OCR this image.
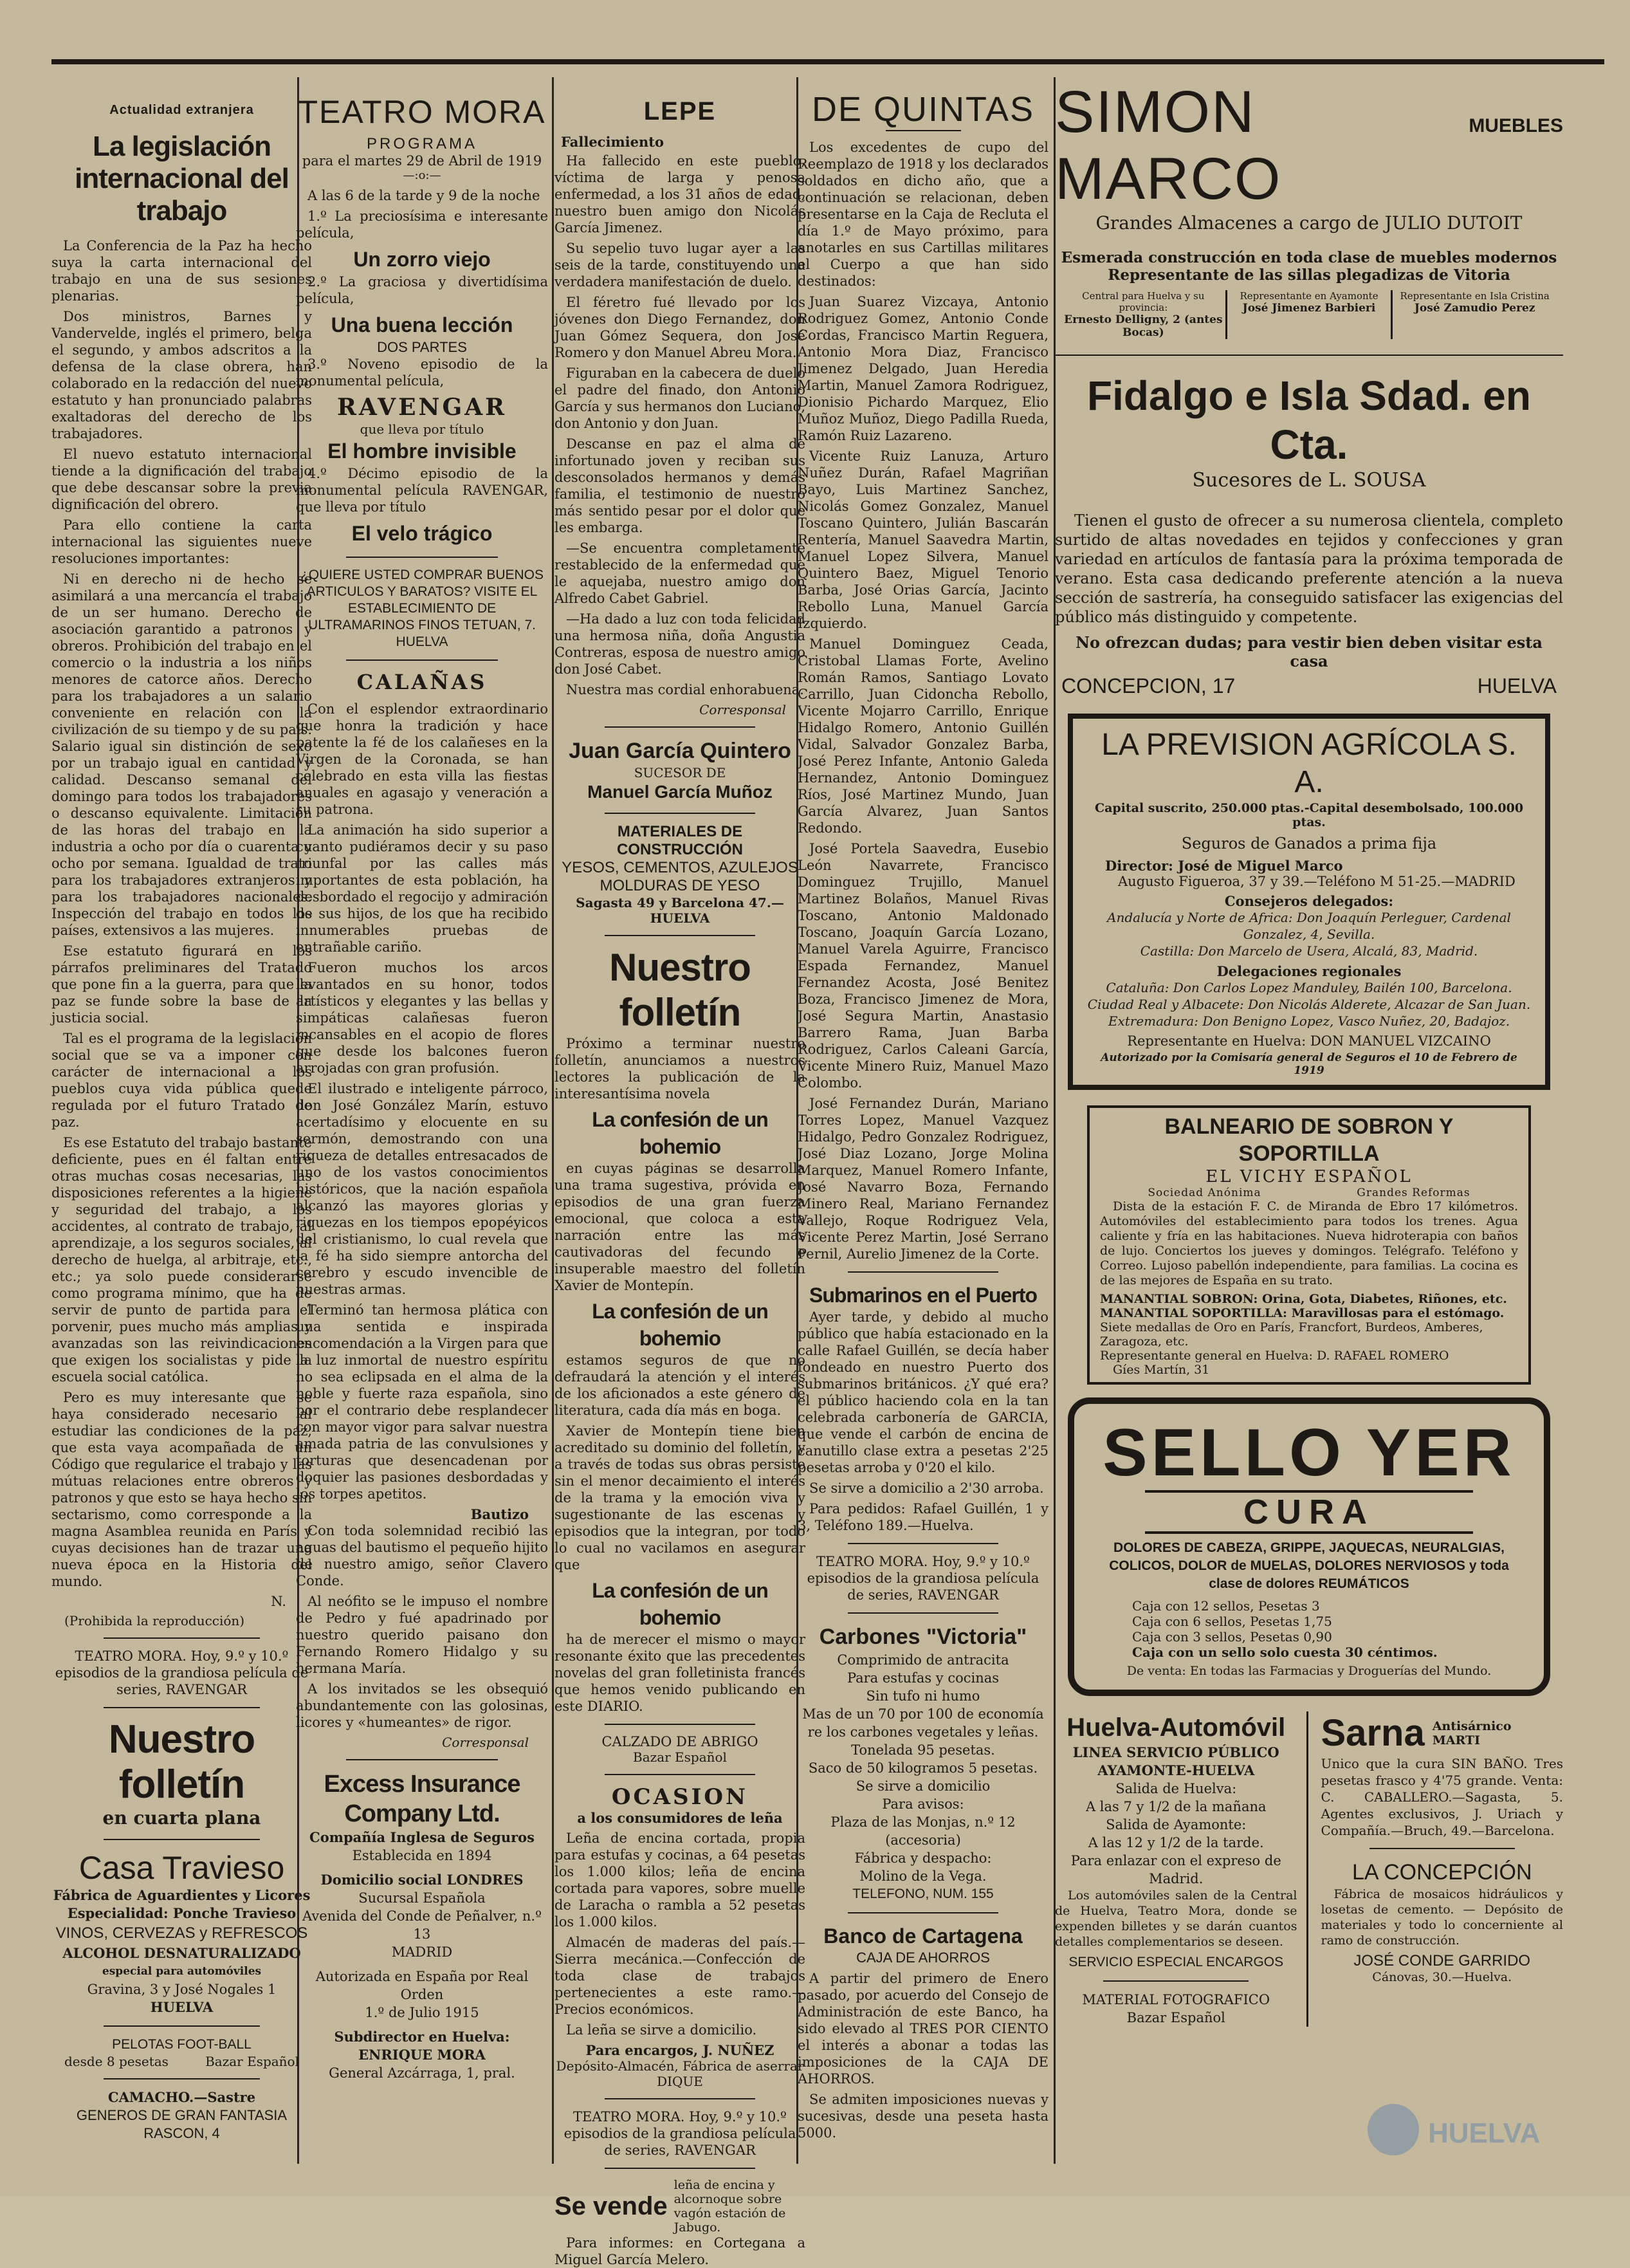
Actualidad extranjera
La legislación internacional del trabajo

La Conferencia de la Paz ha hecho suya la carta internacional del trabajo en una de sus sesiones plenarias.

Dos ministros, Barnes y Vandervelde, inglés el primero, belga el segundo, y ambos adscritos a la defensa de la clase obrera, han colaborado en la redacción del nuevo estatuto y han pronunciado palabras exaltadoras del derecho de los trabajadores.

El nuevo estatuto internacional tiende a la dignificación del trabajo que debe descansar sobre la previa dignificación del obrero.

Para ello contiene la carta internacional las siguientes nueve resoluciones importantes:

Ni en derecho ni de hecho se asimilará a una mercancía el trabajo de un ser humano. Derecho de asociación garantido a patronos y obreros. Prohibición del trabajo en el comercio o la industria a los niños menores de catorce años. Derecho para los trabajadores a un salario conveniente en relación con la civilización de su tiempo y de su país. Salario igual sin distinción de sexo por un trabajo igual en cantidad y calidad. Descanso semanal del domingo para todos los trabajadores o descanso equivalente. Limitación de las horas del trabajo en la industria a ocho por día o cuarenta y ocho por semana. Igualdad de trato para los trabajadores extranjeros y para los trabajadores nacionales. Inspección del trabajo en todos los países, extensivos a las mujeres.

Ese estatuto figurará en los párrafos preliminares del Tratado que pone fin a la guerra, para que la paz se funde sobre la base de la justicia social.

Tal es el programa de la legislación social que se va a imponer con carácter de internacional a los pueblos cuya vida pública quede regulada por el futuro Tratado de paz.

Es ese Estatuto del trabajo bastante deficiente, pues en él faltan entre otras muchas cosas necesarias, las disposiciones referentes a la higiene y seguridad del trabajo, a los accidentes, al contrato de trabajo, al aprendizaje, a los seguros sociales, al derecho de huelga, al arbitraje, etc., etc.; ya solo puede considerarse como programa mínimo, que ha de servir de punto de partida para el porvenir, pues mucho más amplias y avanzadas son las reivindicaciones que exigen los socialistas y pide la escuela social católica.

Pero es muy interesante que se haya considerado necesario al estudiar las condiciones de la paz, que esta vaya acompañada de un Código que regularice el trabajo y las mútuas relaciones entre obreros y patronos y que esto se haya hecho sin sectarismo, como corresponde a la magna Asamblea reunida en París y cuyas decisiones han de trazar una nueva época en la Historia del mundo.

N.
(Prohibida la reproducción)
TEATRO MORA. Hoy, 9.º y 10.º episodios de la grandiosa película de series, RAVENGAR
Nuestro folletín
en cuarta plana
Casa Travieso
Fábrica de Aguardientes y Licores
Especialidad: Ponche Travieso
VINOS, CERVEZAS y REFRESCOS
ALCOHOL DESNATURALIZADO
especial para automóviles
Gravina, 3 y José Nogales 1
HUELVA
PELOTAS FOOT-BALL
desde 8 pesetas	Bazar Español
CAMACHO.—Sastre
GENEROS DE GRAN FANTASIA
RASCON, 4
TEATRO MORA
PROGRAMA
para el martes 29 de Abril de 1919
—:o:—

A las 6 de la tarde y 9 de la noche

1.º La preciosísima e interesante película,

Un zorro viejo

2.º La graciosa y divertidísima película,

Una buena lección
DOS PARTES

3.º Noveno episodio de la monumental película,

RAVENGAR
que lleva por título
El hombre invisible

4.º Décimo episodio de la monumental película RAVENGAR, que lleva por título

El velo trágico
¿QUIERE USTED COMPRAR BUENOS ARTICULOS Y BARATOS? VISITE EL ESTABLECIMIENTO DE ULTRAMARINOS FINOS TETUAN, 7. HUELVA
CALAÑAS

Con el esplendor extraordinario que honra la tradición y hace patente la fé de los calañeses en la Virgen de la Coronada, se han celebrado en esta villa las fiestas anuales en agasajo y veneración a su patrona.

La animación ha sido superior a cuanto pudiéramos decir y su paso triunfal por las calles más importantes de esta población, ha desbordado el regocijo y admiración de sus hijos, de los que ha recibido innumerables pruebas de entrañable cariño.

Fueron muchos los arcos levantados en su honor, todos artísticos y elegantes y las bellas y simpáticas calañesas fueron incansables en el acopio de flores que desde los balcones fueron arrojadas con gran profusión.

El ilustrado e inteligente párroco, don José González Marín, estuvo acertadísimo y elocuente en su sermón, demostrando con una riqueza de detalles entresacados de uno de los vastos conocimientos históricos, que la nación española alcanzó las mayores glorias y riquezas en los tiempos epopéyicos del cristianismo, lo cual revela que la fé ha sido siempre antorcha del cerebro y escudo invencible de nuestras armas.

Terminó tan hermosa plática con una sentida e inspirada encomendación a la Virgen para que la luz inmortal de nuestro espíritu no sea eclipsada en el alma de la noble y fuerte raza española, sino por el contrario debe resplandecer con mayor vigor para salvar nuestra amada patria de las convulsiones y torturas que desencadenan por doquier las pasiones desbordadas y los torpes apetitos.

Bautizo

Con toda solemnidad recibió las aguas del bautismo el pequeño hijito de nuestro amigo, señor Clavero Conde.

Al neófito se le impuso el nombre de Pedro y fué apadrinado por nuestro querido paisano don Fernando Romero Hidalgo y su hermana María.

A los invitados se les obsequió abundantemente con las golosinas, licores y «humeantes» de rigor.

Corresponsal
Excess Insurance Company Ltd.
Compañía Inglesa de Seguros
Establecida en 1894
Domicilio social LONDRES
Sucursal Española
Avenida del Conde de Peñalver, n.º 13
MADRID
Autorizada en España por Real Orden
1.º de Julio 1915
Subdirector en Huelva:
ENRIQUE MORA
General Azcárraga, 1, pral.
LEPE
Fallecimiento

Ha fallecido en este pueblo, víctima de larga y penosa enfermedad, a los 31 años de edad, nuestro buen amigo don Nicolás García Jimenez.

Su sepelio tuvo lugar ayer a las seis de la tarde, constituyendo una verdadera manifestación de duelo.

El féretro fué llevado por los jóvenes don Diego Fernandez, don Juan Gómez Sequera, don José Romero y don Manuel Abreu Mora.

Figuraban en la cabecera de duelo el padre del finado, don Antonio García y sus hermanos don Luciano, don Antonio y don Juan.

Descanse en paz el alma de infortunado joven y reciban sus desconsolados hermanos y demás familia, el testimonio de nuestro más sentido pesar por el dolor que les embarga.

—Se encuentra completamente restablecido de la enfermedad que le aquejaba, nuestro amigo don Alfredo Cabet Gabriel.

—Ha dado a luz con toda felicidad una hermosa niña, doña Angustia Contreras, esposa de nuestro amigo don José Cabet.

Nuestra mas cordial enhorabuena.

Corresponsal
Juan García Quintero
SUCESOR DE
Manuel García Muñoz
MATERIALES DE CONSTRUCCIÓN
YESOS, CEMENTOS, AZULEJOS
MOLDURAS DE YESO
Sagasta 49 y Barcelona 47.—HUELVA
Nuestro folletín

Próximo a terminar nuestro folletín, anunciamos a nuestros lectores la publicación de la interesantísima novela

La confesión de un bohemio

en cuyas páginas se desarrolla una trama sugestiva, próvida en episodios de una gran fuerza emocional, que coloca a esta narración entre las más cautivadoras del fecundo e insuperable maestro del folletín Xavier de Montepín.

La confesión de un bohemio

estamos seguros de que no defraudará la atención y el interés de los aficionados a este género de literatura, cada día más en boga.

Xavier de Montepín tiene bien acreditado su dominio del folletín, y a través de todas sus obras persiste sin el menor decaimiento el interés de la trama y la emoción viva y sugestionante de las escenas y episodios que la integran, por todo lo cual no vacilamos en asegurar que

La confesión de un bohemio

ha de merecer el mismo o mayor resonante éxito que las precedentes novelas del gran folletinista francés que hemos venido publicando en este DIARIO.

CALZADO DE ABRIGO
Bazar Español
OCASION
a los consumidores de leña

Leña de encina cortada, propia para estufas y cocinas, a 64 pesetas los 1.000 kilos; leña de encina cortada para vapores, sobre muelle de Laracha o rambla a 52 pesetas los 1.000 kilos.

Almacén de maderas del país.—Sierra mecánica.—Confección de toda clase de trabajos pertenecientes a este ramo.—Precios económicos.

La leña se sirve a domicilio.

Para encargos, J. NUÑEZ
Depósito-Almacén, Fábrica de aserrar
DIQUE
TEATRO MORA. Hoy, 9.º y 10.º episodios de la grandiosa película de series, RAVENGAR
Se vende
leña de encina y alcornoque sobre vagón estación de Jabugo.

Para informes: en Cortegana a Miguel García Melero.

DE QUINTAS

Los excedentes de cupo del Reemplazo de 1918 y los declarados soldados en dicho año, que a continuación se relacionan, deben presentarse en la Caja de Recluta el día 1.º de Mayo próximo, para anotarles en sus Cartillas militares el Cuerpo a que han sido destinados:

Juan Suarez Vizcaya, Antonio Rodriguez Gomez, Antonio Conde Cordas, Francisco Martin Reguera, Antonio Mora Diaz, Francisco Jimenez Delgado, Juan Heredia Martin, Manuel Zamora Rodriguez, Dionisio Pichardo Marquez, Elio Muñoz Muñoz, Diego Padilla Rueda, Ramón Ruiz Lazareno.

Vicente Ruiz Lanuza, Arturo Nuñez Durán, Rafael Magriñan Bayo, Luis Martinez Sanchez, Nicolás Gomez Gonzalez, Manuel Toscano Quintero, Julián Bascarán Rentería, Manuel Saavedra Martin, Manuel Lopez Silvera, Manuel Quintero Baez, Miguel Tenorio Barba, José Orias García, Jacinto Rebollo Luna, Manuel García Izquierdo.

Manuel Dominguez Ceada, Cristobal Llamas Forte, Avelino Román Ramos, Santiago Lovato Carrillo, Juan Cidoncha Rebollo, Vicente Mojarro Carrillo, Enrique Hidalgo Romero, Antonio Guillén Vidal, Salvador Gonzalez Barba, José Perez Infante, Antonio Galeda Hernandez, Antonio Dominguez Ríos, José Martinez Mundo, Juan García Alvarez, Juan Santos Redondo.

José Portela Saavedra, Eusebio León Navarrete, Francisco Dominguez Trujillo, Manuel Martinez Bolaños, Manuel Rivas Toscano, Antonio Maldonado Toscano, Joaquín García Lozano, Manuel Varela Aguirre, Francisco Espada Fernandez, Manuel Fernandez Acosta, José Benitez Boza, Francisco Jimenez de Mora, José Segura Martin, Anastasio Barrero Rama, Juan Barba Rodriguez, Carlos Caleani García, Vicente Minero Ruiz, Manuel Mazo Colombo.

José Fernandez Durán, Mariano Torres Lopez, Manuel Vazquez Hidalgo, Pedro Gonzalez Rodriguez, José Diaz Lozano, Jorge Molina Marquez, Manuel Romero Infante, José Navarro Boza, Fernando Minero Real, Mariano Fernandez Vallejo, Roque Rodriguez Vela, Vicente Perez Martin, José Serrano Pernil, Aurelio Jimenez de la Corte.

Submarinos en el Puerto

Ayer tarde, y debido al mucho público que había estacionado en la calle Rafael Guillén, se decía haber fondeado en nuestro Puerto dos submarinos británicos. ¿Y qué era? el público haciendo cola en la tan celebrada carbonería de GARCIA, que vende el carbón de encina de canutillo clase extra a pesetas 2'25 pesetas arroba y 0'20 el kilo.

Se sirve a domicilio a 2'30 arroba.

Para pedidos: Rafael Guillén, 1 y 3, Teléfono 189.—Huelva.

TEATRO MORA. Hoy, 9.º y 10.º episodios de la grandiosa película de series, RAVENGAR
Carbones "Victoria"
Comprimido de antracita
Para estufas y cocinas
Sin tufo ni humo
Mas de un 70 por 100 de economía re los carbones vegetales y leñas.
Tonelada 95 pesetas.
Saco de 50 kilogramos 5 pesetas.
Se sirve a domicilio
Para avisos:
Plaza de las Monjas, n.º 12 (accesoria)
Fábrica y despacho:
Molino de la Vega.
TELEFONO, NUM. 155
Banco de Cartagena
CAJA DE AHORROS

A partir del primero de Enero pasado, por acuerdo del Consejo de Administración de este Banco, ha sido elevado al TRES POR CIENTO el interés a abonar a todas las imposiciones de la CAJA DE AHORROS.

Se admiten imposiciones nuevas y sucesivas, desde una peseta hasta 5000.

SIMON MARCO
MUEBLES
Grandes Almacenes a cargo de JULIO DUTOIT
Esmerada construcción en toda clase de muebles modernos
Representante de las sillas plegadizas de Vitoria
Central para Huelva y su provincia:
Ernesto Delligny, 2 (antes Bocas)
Representante en Ayamonte
José Jimenez Barbieri
Representante en Isla Cristina
José Zamudio Perez
Fidalgo e Isla Sdad. en Cta.
Sucesores de L. SOUSA

Tienen el gusto de ofrecer a su numerosa clientela, completo surtido de altas novedades en tejidos y confecciones y gran variedad en artículos de fantasía para la próxima temporada de verano. Esta casa dedicando preferente atención a la nueva sección de sastrería, ha conseguido satisfacer las exigencias del público más distinguido y competente.

No ofrezcan dudas; para vestir bien deben visitar esta casa
CONCEPCION, 17	HUELVA
LA PREVISION AGRÍCOLA S. A.
Capital suscrito, 250.000 ptas.-Capital desembolsado, 100.000 ptas.
Seguros de Ganados a prima fija
Director: José de Miguel Marco
Augusto Figueroa, 37 y 39.—Teléfono M 51-25.—MADRID
Consejeros delegados:
Andalucía y Norte de Africa: Don Joaquín Perleguer, Cardenal Gonzalez, 4, Sevilla.
Castilla: Don Marcelo de Usera, Alcalá, 83, Madrid.
Delegaciones regionales
Cataluña: Don Carlos Lopez Manduley, Bailén 100, Barcelona.
Ciudad Real y Albacete: Don Nicolás Alderete, Alcazar de San Juan.
Extremadura: Don Benigno Lopez, Vasco Nuñez, 20, Badajoz.
Representante en Huelva: DON MANUEL VIZCAINO
Autorizado por la Comisaría general de Seguros el 10 de Febrero de 1919
BALNEARIO DE SOBRON Y SOPORTILLA
EL VICHY ESPAÑOL
Sociedad Anónima	Grandes Reformas

Dista de la estación F. C. de Miranda de Ebro 17 kilómetros. Automóviles del establecimiento para todos los trenes. Agua caliente y fría en las habitaciones. Nueva hidroterapia con baños de lujo. Conciertos los jueves y domingos. Telégrafo. Teléfono y Correo. Lujoso pabellón independiente, para familias. La cocina es de las mejores de España en su trato.

MANANTIAL SOBRON: Orina, Gota, Diabetes, Riñones, etc.
MANANTIAL SOPORTILLA: Maravillosas para el estómago.
Siete medallas de Oro en París, Francfort, Burdeos, Amberes, Zaragoza, etc.
Representante general en Huelva: D. RAFAEL ROMERO
Gíes Martín, 31
SELLO YER
CURA
DOLORES DE CABEZA, GRIPPE, JAQUECAS, NEURALGIAS, COLICOS, DOLOR de MUELAS, DOLORES NERVIOSOS y toda clase de dolores REUMÁTICOS
Caja con 12 sellos, Pesetas 3
Caja con 6 sellos, Pesetas 1,75
Caja con 3 sellos, Pesetas 0,90
Caja con un sello solo cuesta 30 céntimos.
De venta: En todas las Farmacias y Droguerías del Mundo.
Huelva-Automóvil
LINEA SERVICIO PÚBLICO
AYAMONTE-HUELVA
Salida de Huelva:
A las 7 y 1/2 de la mañana
Salida de Ayamonte:
A las 12 y 1/2 de la tarde.
Para enlazar con el expreso de Madrid.

Los automóviles salen de la Central de Huelva, Teatro Mora, donde se expenden billetes y se darán cuantos detalles complementarios se deseen.

SERVICIO ESPECIAL ENCARGOS
MATERIAL FOTOGRAFICO
Bazar Español
Sarna Antisárnico
MARTI

Unico que la cura SIN BAÑO. Tres pesetas frasco y 4'75 grande. Venta: C. CABALLERO.—Sagasta, 5. Agentes exclusivos, J. Uriach y Compañía.—Bruch, 49.—Barcelona.

LA CONCEPCIÓN

Fábrica de mosaicos hidráulicos y losetas de cemento. — Depósito de materiales y todo lo concerniente al ramo de construcción.

JOSÉ CONDE GARRIDO
Cánovas, 30.—Huelva.
HUELVA
